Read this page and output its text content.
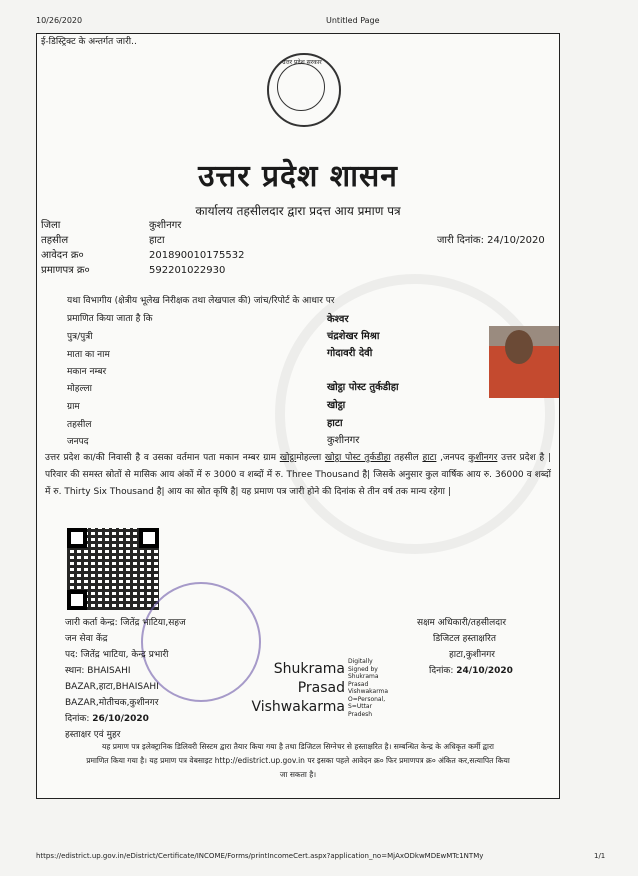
10/26/2020	Untitled Page
ई-डिस्ट्रिक्ट के अन्तर्गत जारी..
उत्तर प्रदेश सरकार
उत्तर प्रदेश शासन
कार्यालय तहसीलदार द्वारा प्रदत्त आय प्रमाण पत्र
जिला	कुशीनगर
तहसील	हाटा
आवेदन क्र०	201890010175532
प्रमाणपत्र क्र०	592201022930
जारी दिनांक: 24/10/2020
यथा विभागीय (क्षेत्रीय भूलेख निरीक्षक तथा लेखपाल की) जांच/रिपोर्ट के आधार पर
प्रमाणित किया जाता है कि	केश्वर
पुत्र/पुत्री	चंद्रशेखर मिश्रा
माता का नाम	गोदावरी देवी
मकान नम्बर
मोहल्ला	खोट्ठा पोस्ट तुर्कडीहा
ग्राम	खोट्ठा
तहसील	हाटा
जनपद	कुशीनगर
उत्तर प्रदेश का/की निवासी है व उसका वर्तमान पता मकान नम्बर ग्राम खोट्ठामोहल्ला खोट्ठा पोस्ट तुर्कडीहा तहसील हाटा ,जनपद कुशीनगर उत्तर प्रदेश है | परिवार की समस्त स्रोतों से मासिक आय अंकों में रु 3000 व शब्दों में रु. Three Thousand है| जिसके अनुसार कुल वार्षिक आय रु. 36000 व शब्दों में रु. Thirty Six Thousand है| आय का स्रोत कृषि है| यह प्रमाण पत्र जारी होने की दिनांक से तीन वर्ष तक मान्य रहेगा |
जारी कर्ता केन्द्र: जितेंद्र भाटिया,सहज
जन सेवा केंद्र
पद: जितेंद्र भाटिया, केन्द्र प्रभारी
स्थान: BHAISAHI
BAZAR,हाटा,BHAISAHI
BAZAR,मोतीचक,कुशीनगर
दिनांक: 26/10/2020
हस्ताक्षर एवं मुहर
Shukrama
Prasad
Vishwakarma
Digitally
Signed by
Shukrama
Prasad
Vishwakarma
O=Personal,
S=Uttar
Pradesh
सक्षम अधिकारी/तहसीलदार
डिजिटल हस्ताक्षरित
हाटा,कुशीनगर
दिनांक: 24/10/2020
यह प्रमाण पत्र इलेक्ट्रानिक डिलिवरी सिस्टम द्वारा तैयार किया गया है तथा डिजिटल सिग्नेचर से हस्ताक्षरित है। सम्बन्धित केन्द्र के अधिकृत कर्मी द्वारा
प्रमाणित किया गया है। यह प्रमाण पत्र वेबसाइट http://edistrict.up.gov.in पर इसका पहले आवेदन क्र० फिर प्रमाणपत्र क्र० अंकित कर,सत्यापित किया
जा सकता है।
https://edistrict.up.gov.in/eDistrict/Certificate/INCOME/Forms/printIncomeCert.aspx?application_no=MjAxODkwMDEwMTc1NTMy	1/1
